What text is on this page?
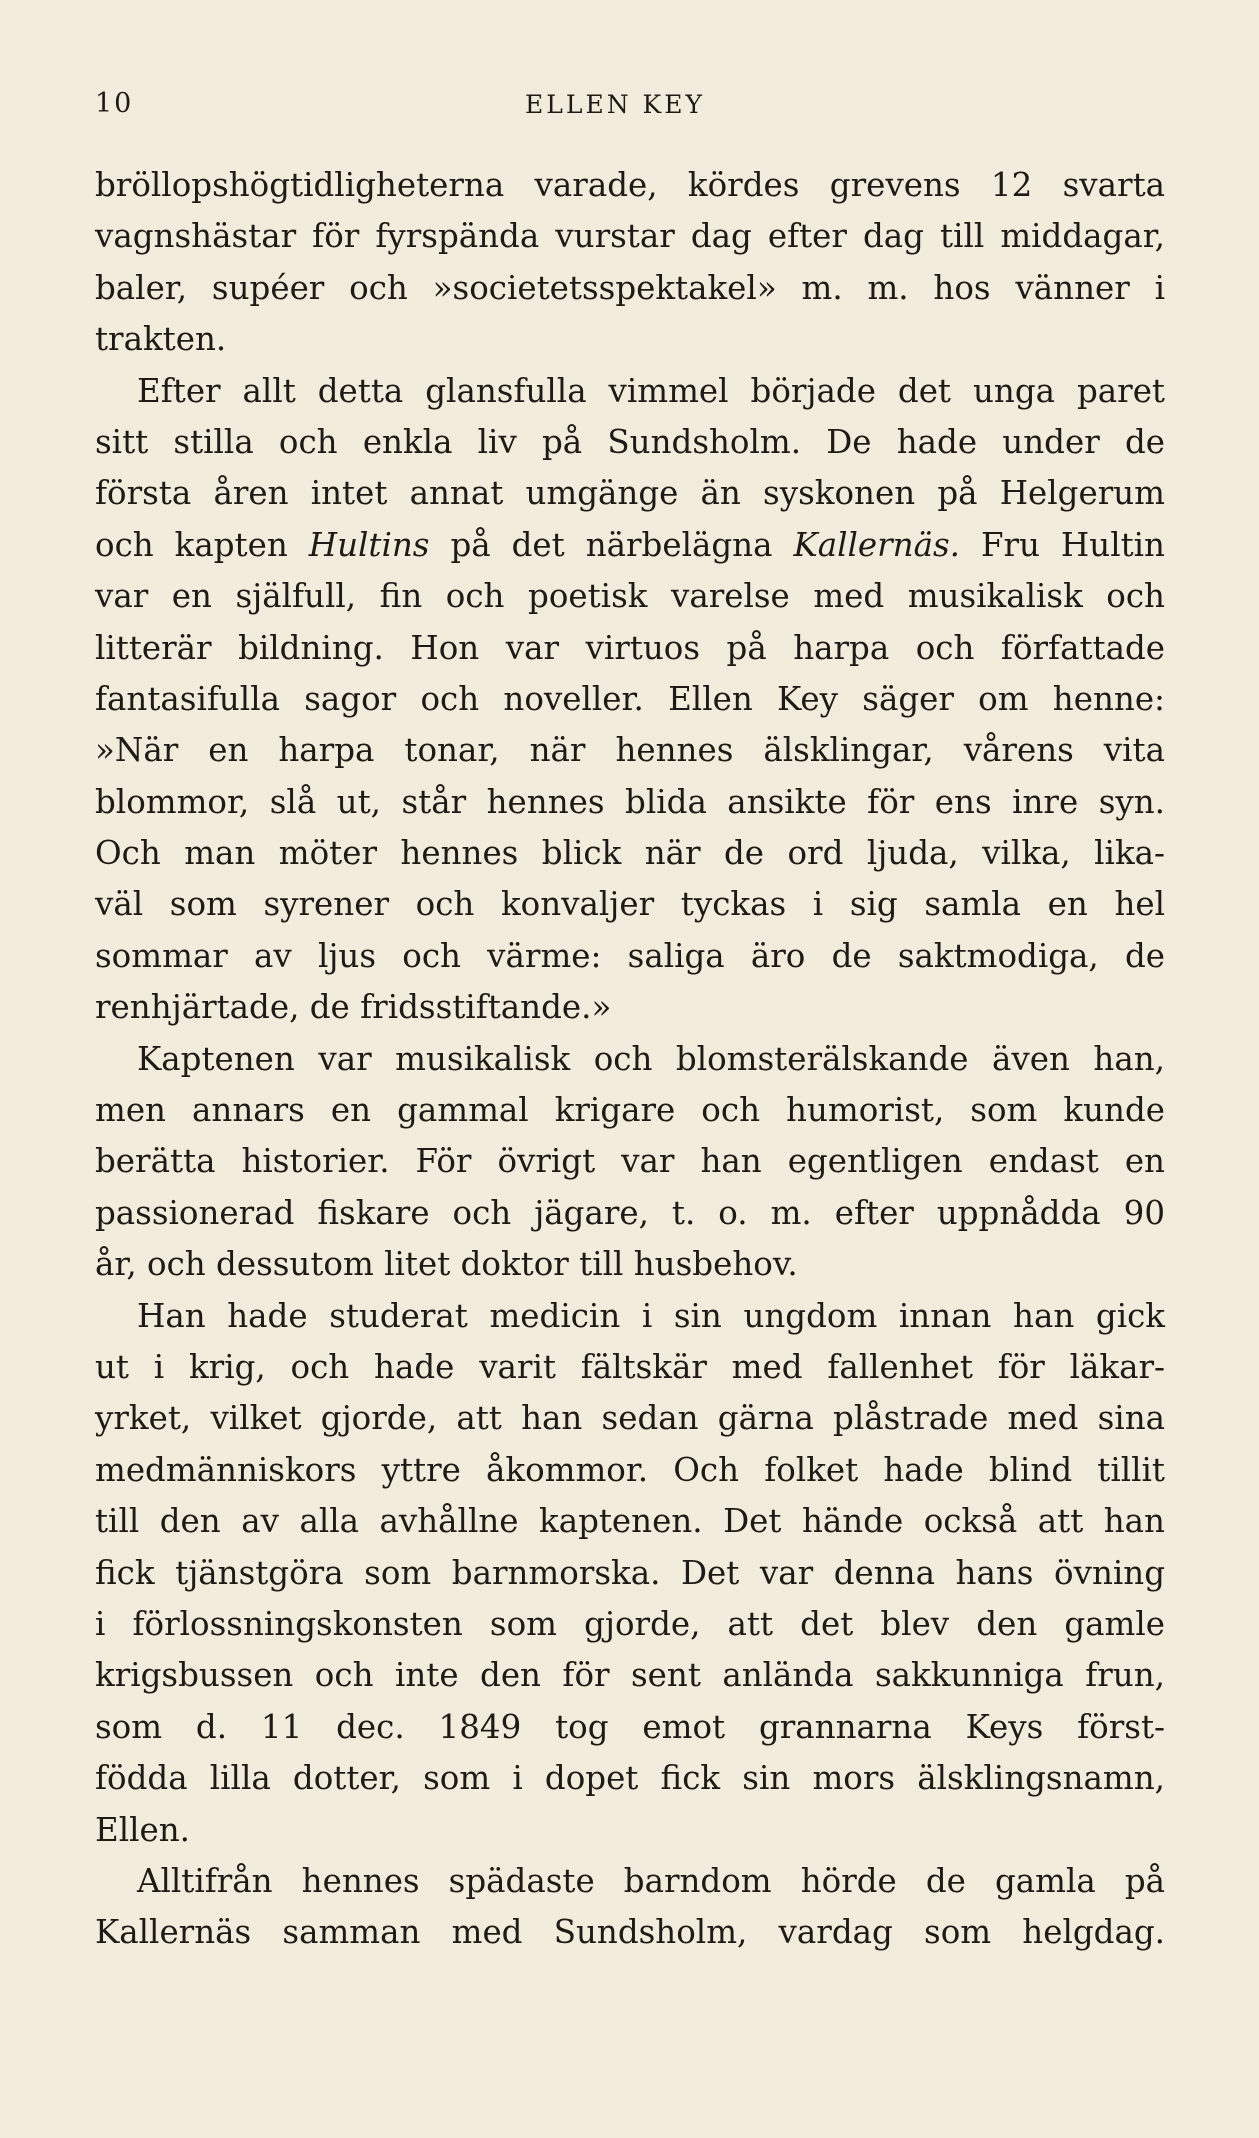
10	ELLEN KEY
bröllopshögtidligheterna varade, kördes grevens 12 svarta
vagnshästar för fyrspända vurstar dag efter dag till middagar,
baler, supéer och »societetsspektakel» m. m. hos vänner i
trakten.
Efter allt detta glansfulla vimmel började det unga paret
sitt stilla och enkla liv på Sundsholm. De hade under de
första åren intet annat umgänge än syskonen på Helgerum
och kapten Hultins på det närbelägna Kallernäs. Fru Hultin
var en själfull, fin och poetisk varelse med musikalisk och
litterär bildning. Hon var virtuos på harpa och författade
fantasifulla sagor och noveller. Ellen Key säger om henne:
»När en harpa tonar, när hennes älsklingar, vårens vita
blommor, slå ut, står hennes blida ansikte för ens inre syn.
Och man möter hennes blick när de ord ljuda, vilka, lika-
väl som syrener och konvaljer tyckas i sig samla en hel
sommar av ljus och värme: saliga äro de saktmodiga, de
renhjärtade, de fridsstiftande.»
Kaptenen var musikalisk och blomsterälskande även han,
men annars en gammal krigare och humorist, som kunde
berätta historier. För övrigt var han egentligen endast en
passionerad fiskare och jägare, t. o. m. efter uppnådda 90
år, och dessutom litet doktor till husbehov.
Han hade studerat medicin i sin ungdom innan han gick
ut i krig, och hade varit fältskär med fallenhet för läkar-
yrket, vilket gjorde, att han sedan gärna plåstrade med sina
medmänniskors yttre åkommor. Och folket hade blind tillit
till den av alla avhållne kaptenen. Det hände också att han
fick tjänstgöra som barnmorska. Det var denna hans övning
i förlossningskonsten som gjorde, att det blev den gamle
krigsbussen och inte den för sent anlända sakkunniga frun,
som d. 11 dec. 1849 tog emot grannarna Keys först-
födda lilla dotter, som i dopet fick sin mors älsklingsnamn,
Ellen.
Alltifrån hennes spädaste barndom hörde de gamla på
Kallernäs samman med Sundsholm, vardag som helgdag.
